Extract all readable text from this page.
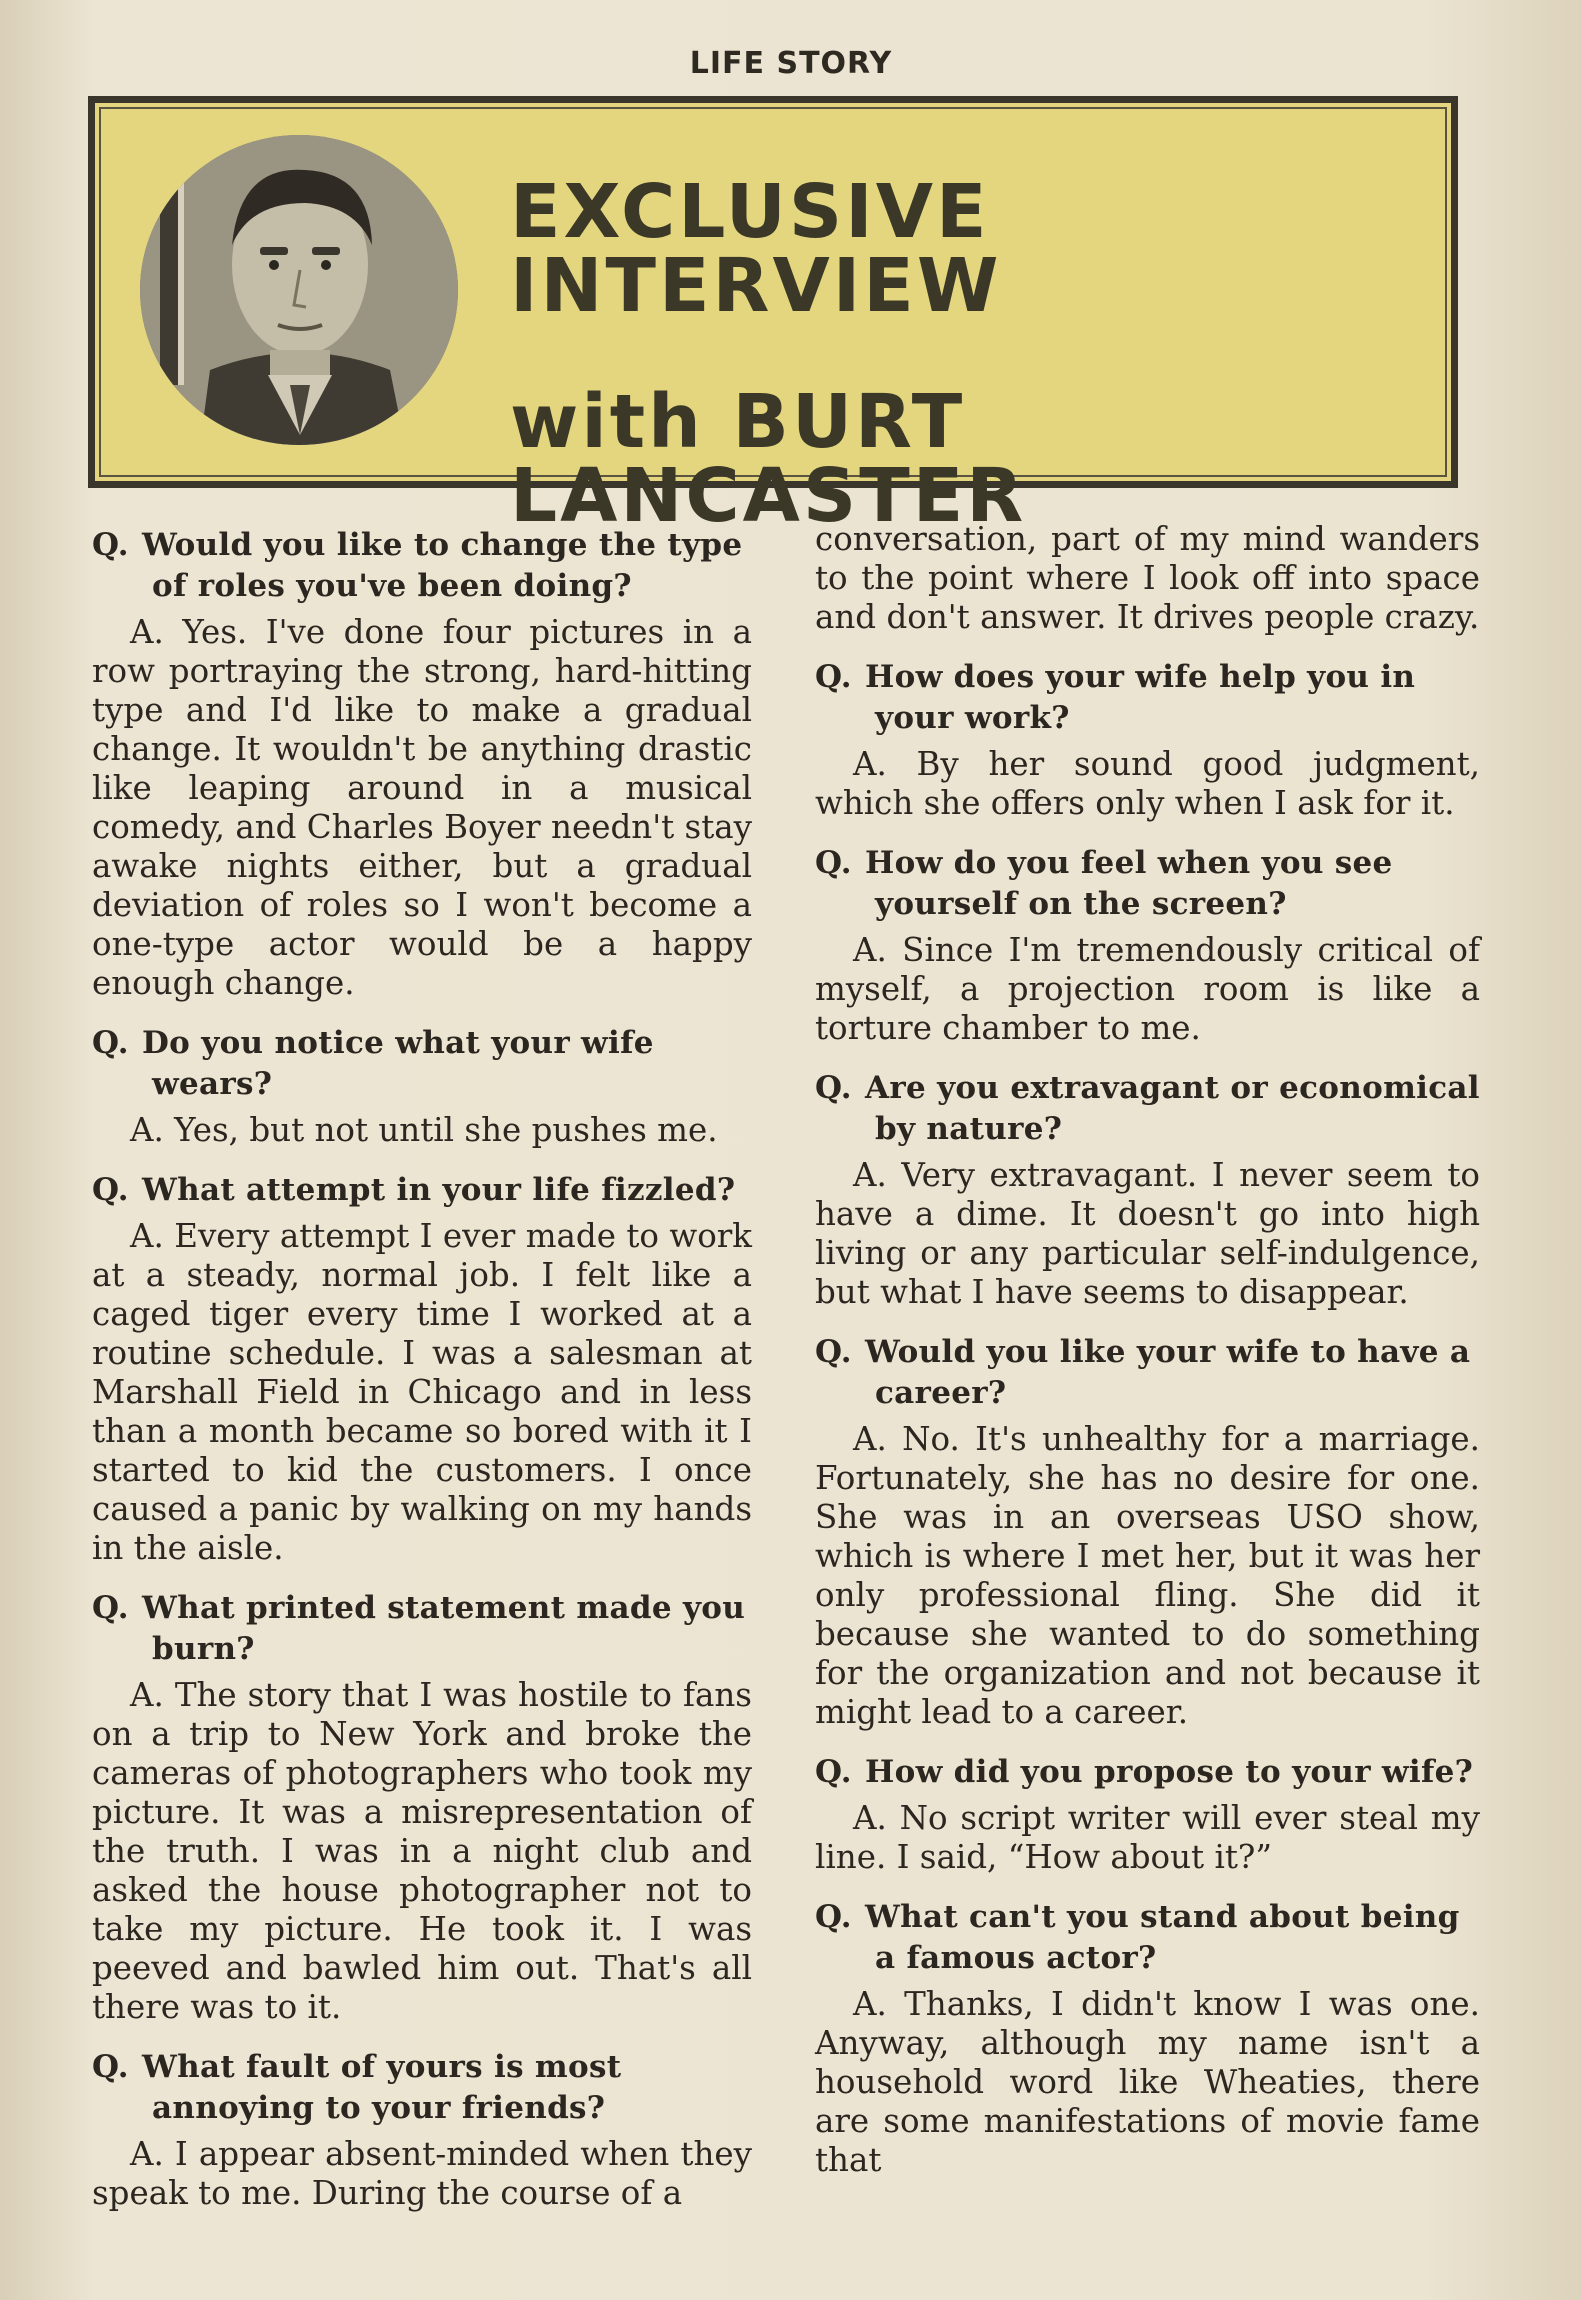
LIFE STORY
EXCLUSIVE INTERVIEW
with BURT LANCASTER

Q. Would you like to change the type of roles you've been doing?

A. Yes. I've done four pictures in a row portraying the strong, hard-hitting type and I'd like to make a gradual change. It wouldn't be anything drastic like leaping around in a musical comedy, and Charles Boyer needn't stay awake nights either, but a gradual deviation of roles so I won't become a one-type actor would be a happy enough change.

Q. Do you notice what your wife wears?

A. Yes, but not until she pushes me.

Q. What attempt in your life fizzled?

A. Every attempt I ever made to work at a steady, normal job. I felt like a caged tiger every time I worked at a routine schedule. I was a salesman at Marshall Field in Chicago and in less than a month became so bored with it I started to kid the customers. I once caused a panic by walking on my hands in the aisle.

Q. What printed statement made you burn?

A. The story that I was hostile to fans on a trip to New York and broke the cameras of photographers who took my picture. It was a misrepresentation of the truth. I was in a night club and asked the house photographer not to take my picture. He took it. I was peeved and bawled him out. That's all there was to it.

Q. What fault of yours is most annoying to your friends?

A. I appear absent-minded when they speak to me. During the course of a

conversation, part of my mind wanders to the point where I look off into space and don't answer. It drives people crazy.

Q. How does your wife help you in your work?

A. By her sound good judgment, which she offers only when I ask for it.

Q. How do you feel when you see yourself on the screen?

A. Since I'm tremendously critical of myself, a projection room is like a torture chamber to me.

Q. Are you extravagant or economical by nature?

A. Very extravagant. I never seem to have a dime. It doesn't go into high living or any particular self-indulgence, but what I have seems to disappear.

Q. Would you like your wife to have a career?

A. No. It's unhealthy for a marriage. Fortunately, she has no desire for one. She was in an overseas USO show, which is where I met her, but it was her only professional fling. She did it because she wanted to do something for the organization and not because it might lead to a career.

Q. How did you propose to your wife?

A. No script writer will ever steal my line. I said, “How about it?”

Q. What can't you stand about being a famous actor?

A. Thanks, I didn't know I was one. Anyway, although my name isn't a household word like Wheaties, there are some manifestations of movie fame that
